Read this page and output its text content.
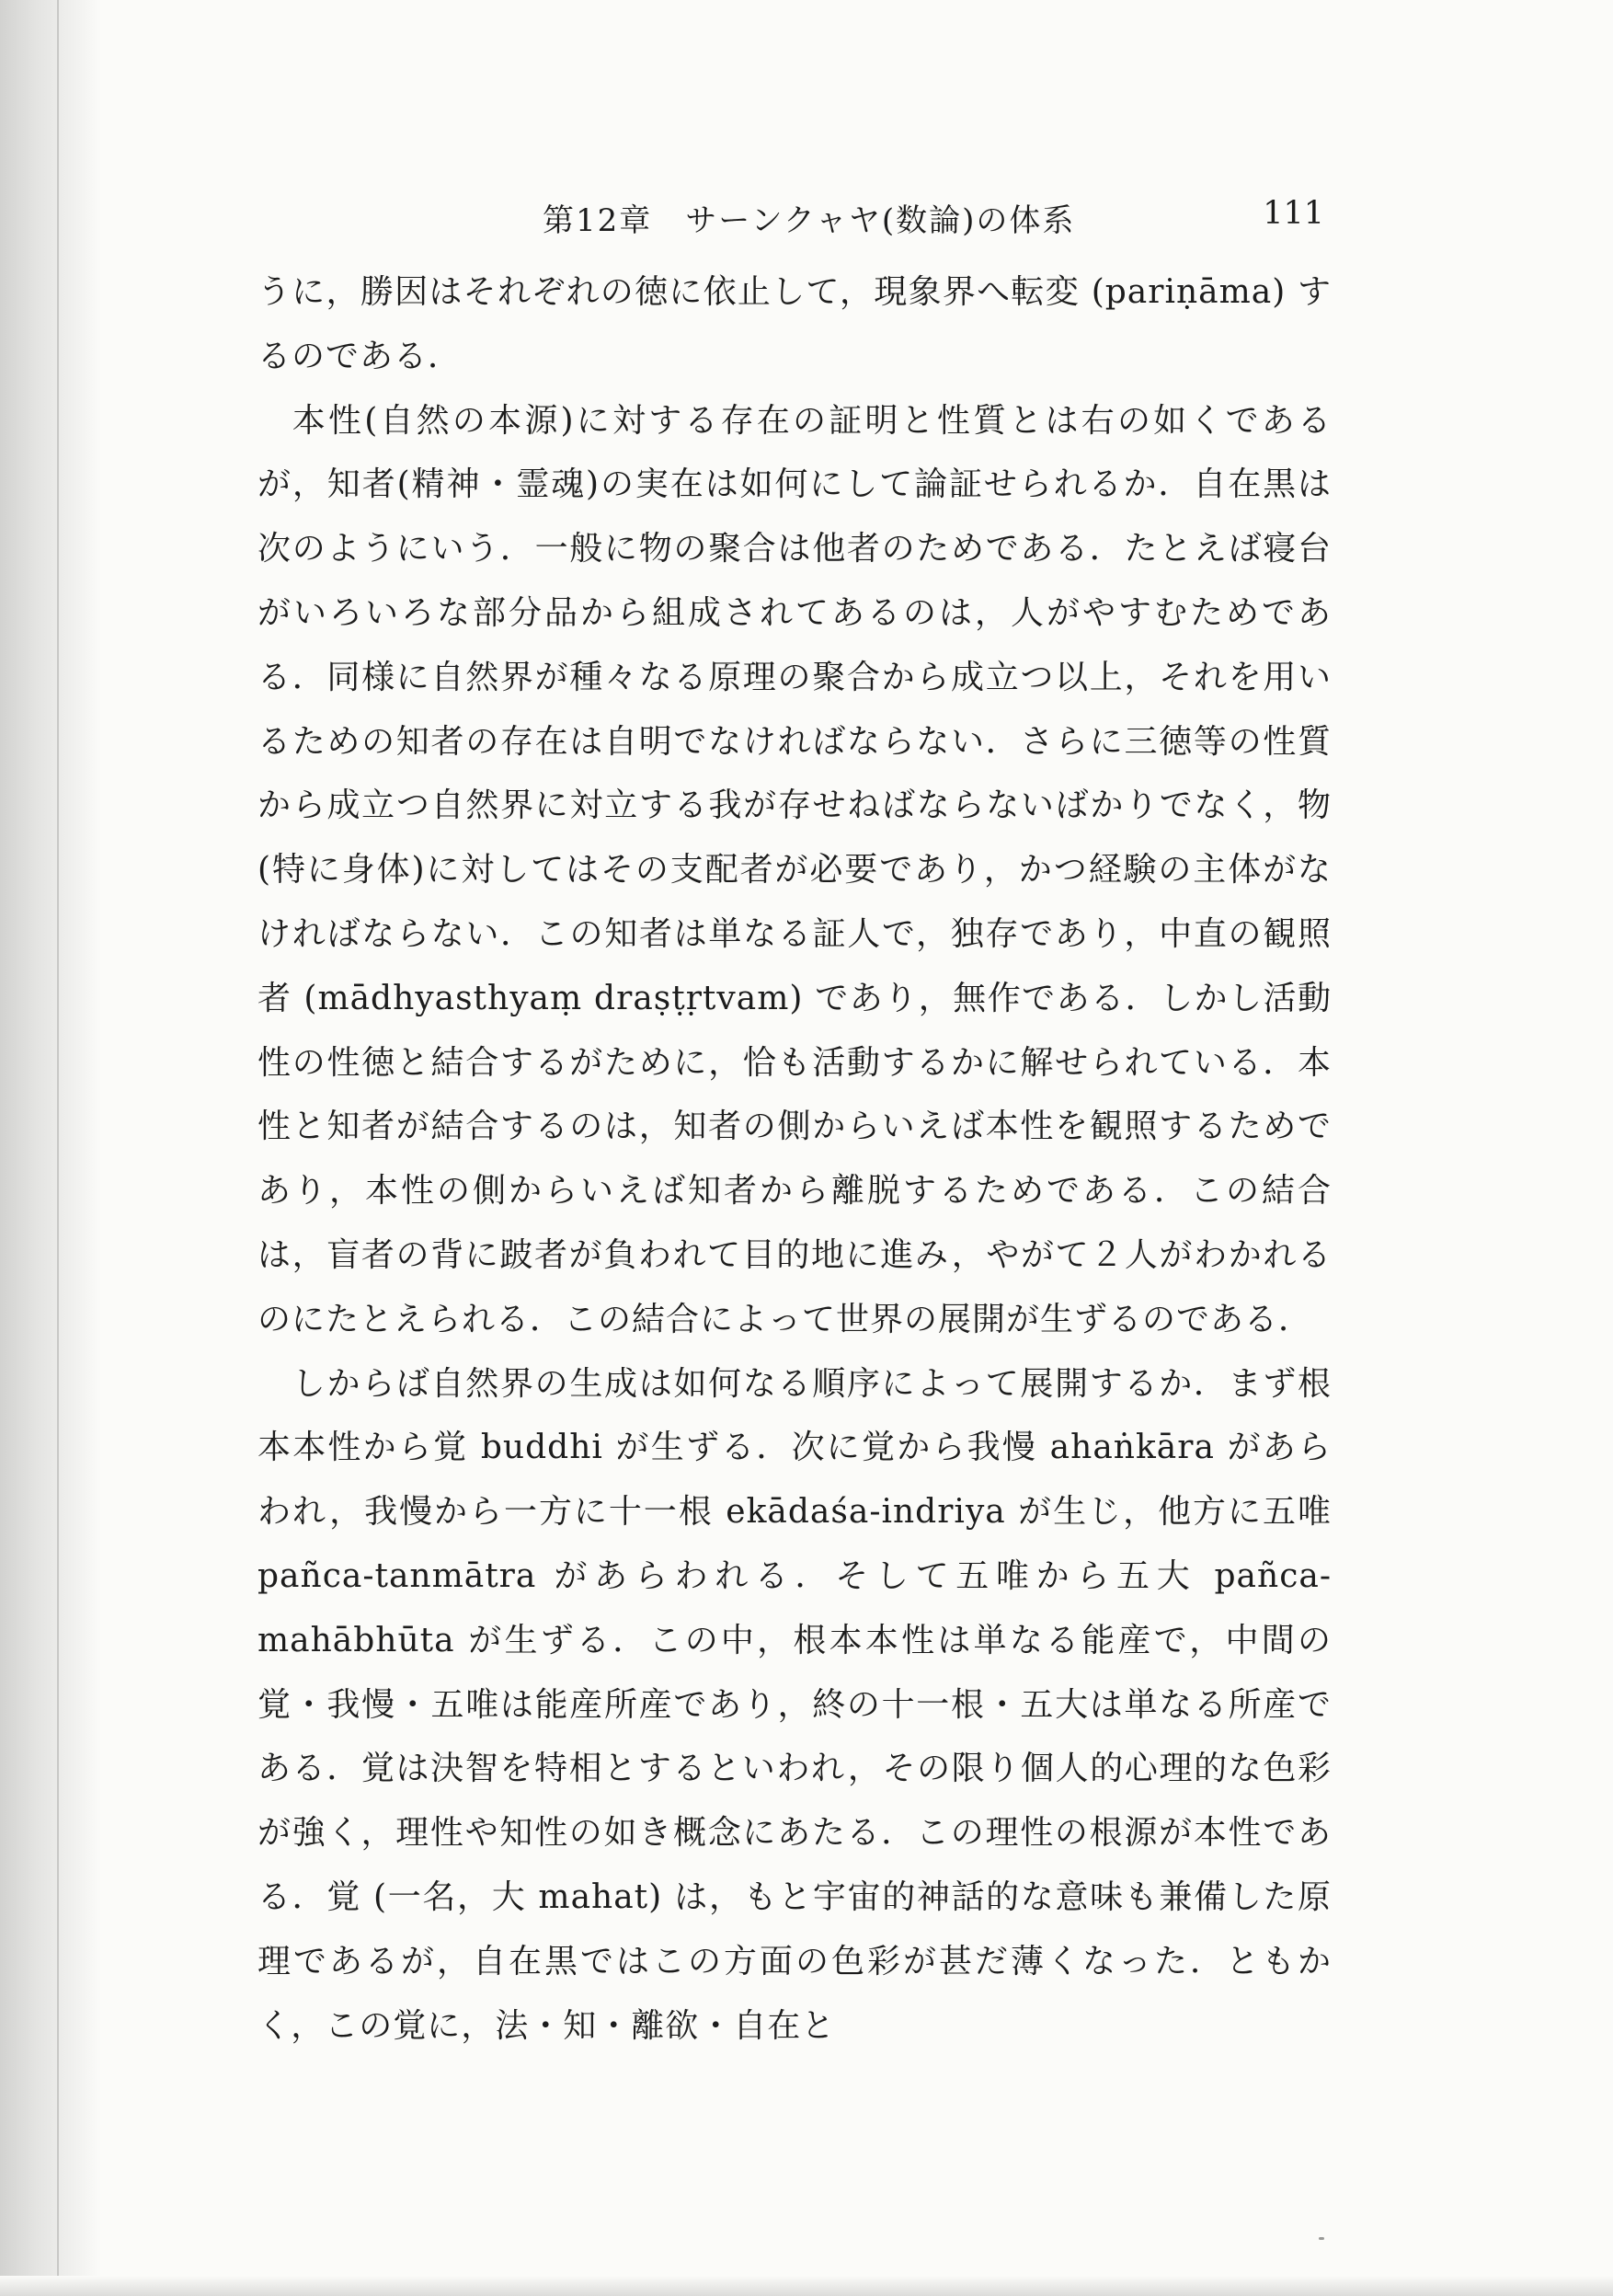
第12章　サーンクャヤ(数論)の体系	111

うに，勝因はそれぞれの徳に依止して，現象界へ転変 (pariṇāma) するのである．

本性(自然の本源)に対する存在の証明と性質とは右の如くであるが，知者(精神・霊魂)の実在は如何にして論証せられるか．自在黒は次のようにいう．一般に物の聚合は他者のためである．たとえば寝台がいろいろな部分品から組成されてあるのは，人がやすむためである．同様に自然界が種々なる原理の聚合から成立つ以上，それを用いるための知者の存在は自明でなければならない．さらに三徳等の性質から成立つ自然界に対立する我が存せねばならないばかりでなく，物(特に身体)に対してはその支配者が必要であり，かつ経験の主体がなければならない．この知者は単なる証人で，独存であり，中直の観照者 (mādhyasthyaṃ draṣṭṛtvam) であり，無作である．しかし活動性の性徳と結合するがために，恰も活動するかに解せられている．本性と知者が結合するのは，知者の側からいえば本性を観照するためであり，本性の側からいえば知者から離脱するためである．この結合は，盲者の背に跛者が負われて目的地に進み，やがて２人がわかれるのにたとえられる．この結合によって世界の展開が生ずるのである．

しからば自然界の生成は如何なる順序によって展開するか．まず根本本性から覚 buddhi が生ずる．次に覚から我慢 ahaṅkāra があらわれ，我慢から一方に十一根 ekādaśa-indriya が生じ，他方に五唯 pañca-tanmātra があらわれる．そして五唯から五大 pañca-mahābhūta が生ずる．この中，根本本性は単なる能産で，中間の覚・我慢・五唯は能産所産であり，終の十一根・五大は単なる所産である．覚は決智を特相とするといわれ，その限り個人的心理的な色彩が強く，理性や知性の如き概念にあたる．この理性の根源が本性である．覚 (一名，大 mahat) は，もと宇宙的神話的な意味も兼備した原理であるが，自在黒ではこの方面の色彩が甚だ薄くなった．ともかく，この覚に，法・知・離欲・自在と
